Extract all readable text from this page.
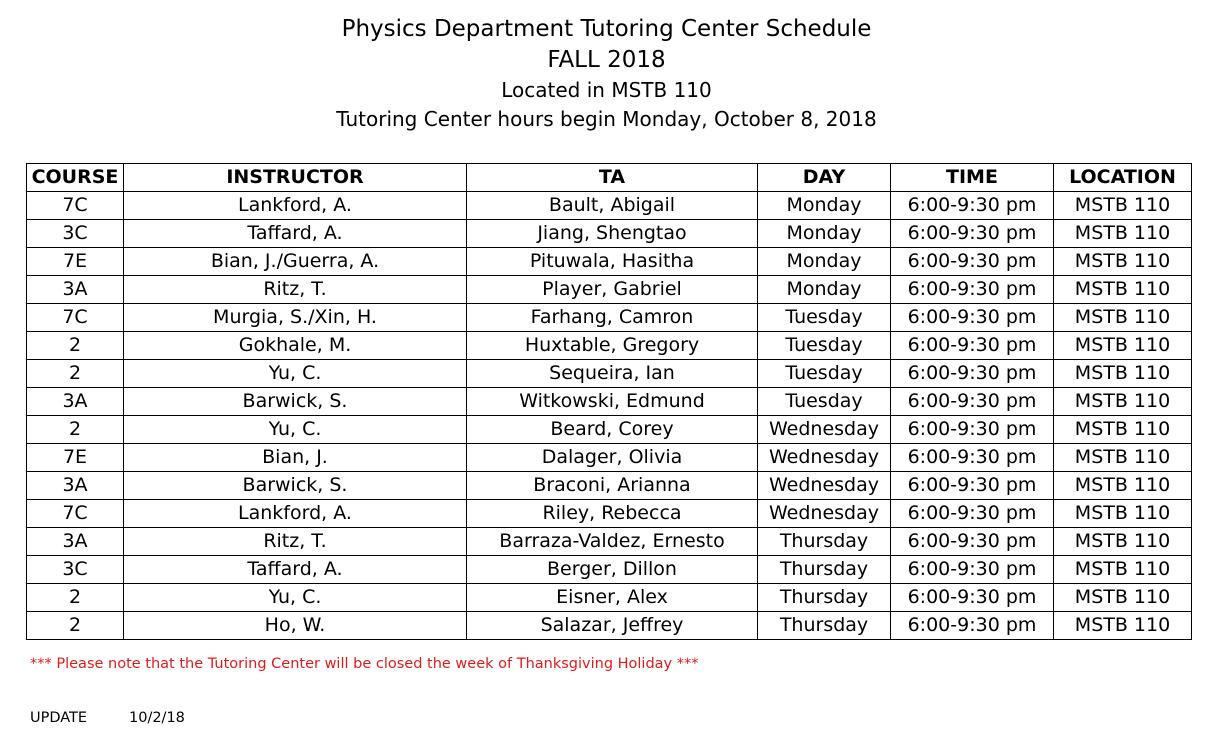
Physics Department Tutoring Center Schedule
FALL 2018
Located in MSTB 110
Tutoring Center hours begin Monday, October 8, 2018
COURSE	INSTRUCTOR	TA	DAY	TIME	LOCATION
7C	Lankford, A.	Bault, Abigail	Monday	6:00-9:30 pm	MSTB 110
3C	Taffard, A.	Jiang, Shengtao	Monday	6:00-9:30 pm	MSTB 110
7E	Bian, J./Guerra, A.	Pituwala, Hasitha	Monday	6:00-9:30 pm	MSTB 110
3A	Ritz, T.	Player, Gabriel	Monday	6:00-9:30 pm	MSTB 110
7C	Murgia, S./Xin, H.	Farhang, Camron	Tuesday	6:00-9:30 pm	MSTB 110
2	Gokhale, M.	Huxtable, Gregory	Tuesday	6:00-9:30 pm	MSTB 110
2	Yu, C.	Sequeira, Ian	Tuesday	6:00-9:30 pm	MSTB 110
3A	Barwick, S.	Witkowski, Edmund	Tuesday	6:00-9:30 pm	MSTB 110
2	Yu, C.	Beard, Corey	Wednesday	6:00-9:30 pm	MSTB 110
7E	Bian, J.	Dalager, Olivia	Wednesday	6:00-9:30 pm	MSTB 110
3A	Barwick, S.	Braconi, Arianna	Wednesday	6:00-9:30 pm	MSTB 110
7C	Lankford, A.	Riley, Rebecca	Wednesday	6:00-9:30 pm	MSTB 110
3A	Ritz, T.	Barraza-Valdez, Ernesto	Thursday	6:00-9:30 pm	MSTB 110
3C	Taffard, A.	Berger, Dillon	Thursday	6:00-9:30 pm	MSTB 110
2	Yu, C.	Eisner, Alex	Thursday	6:00-9:30 pm	MSTB 110
2	Ho, W.	Salazar, Jeffrey	Thursday	6:00-9:30 pm	MSTB 110
*** Please note that the Tutoring Center will be closed the week of Thanksgiving Holiday ***
UPDATE	10/2/18
